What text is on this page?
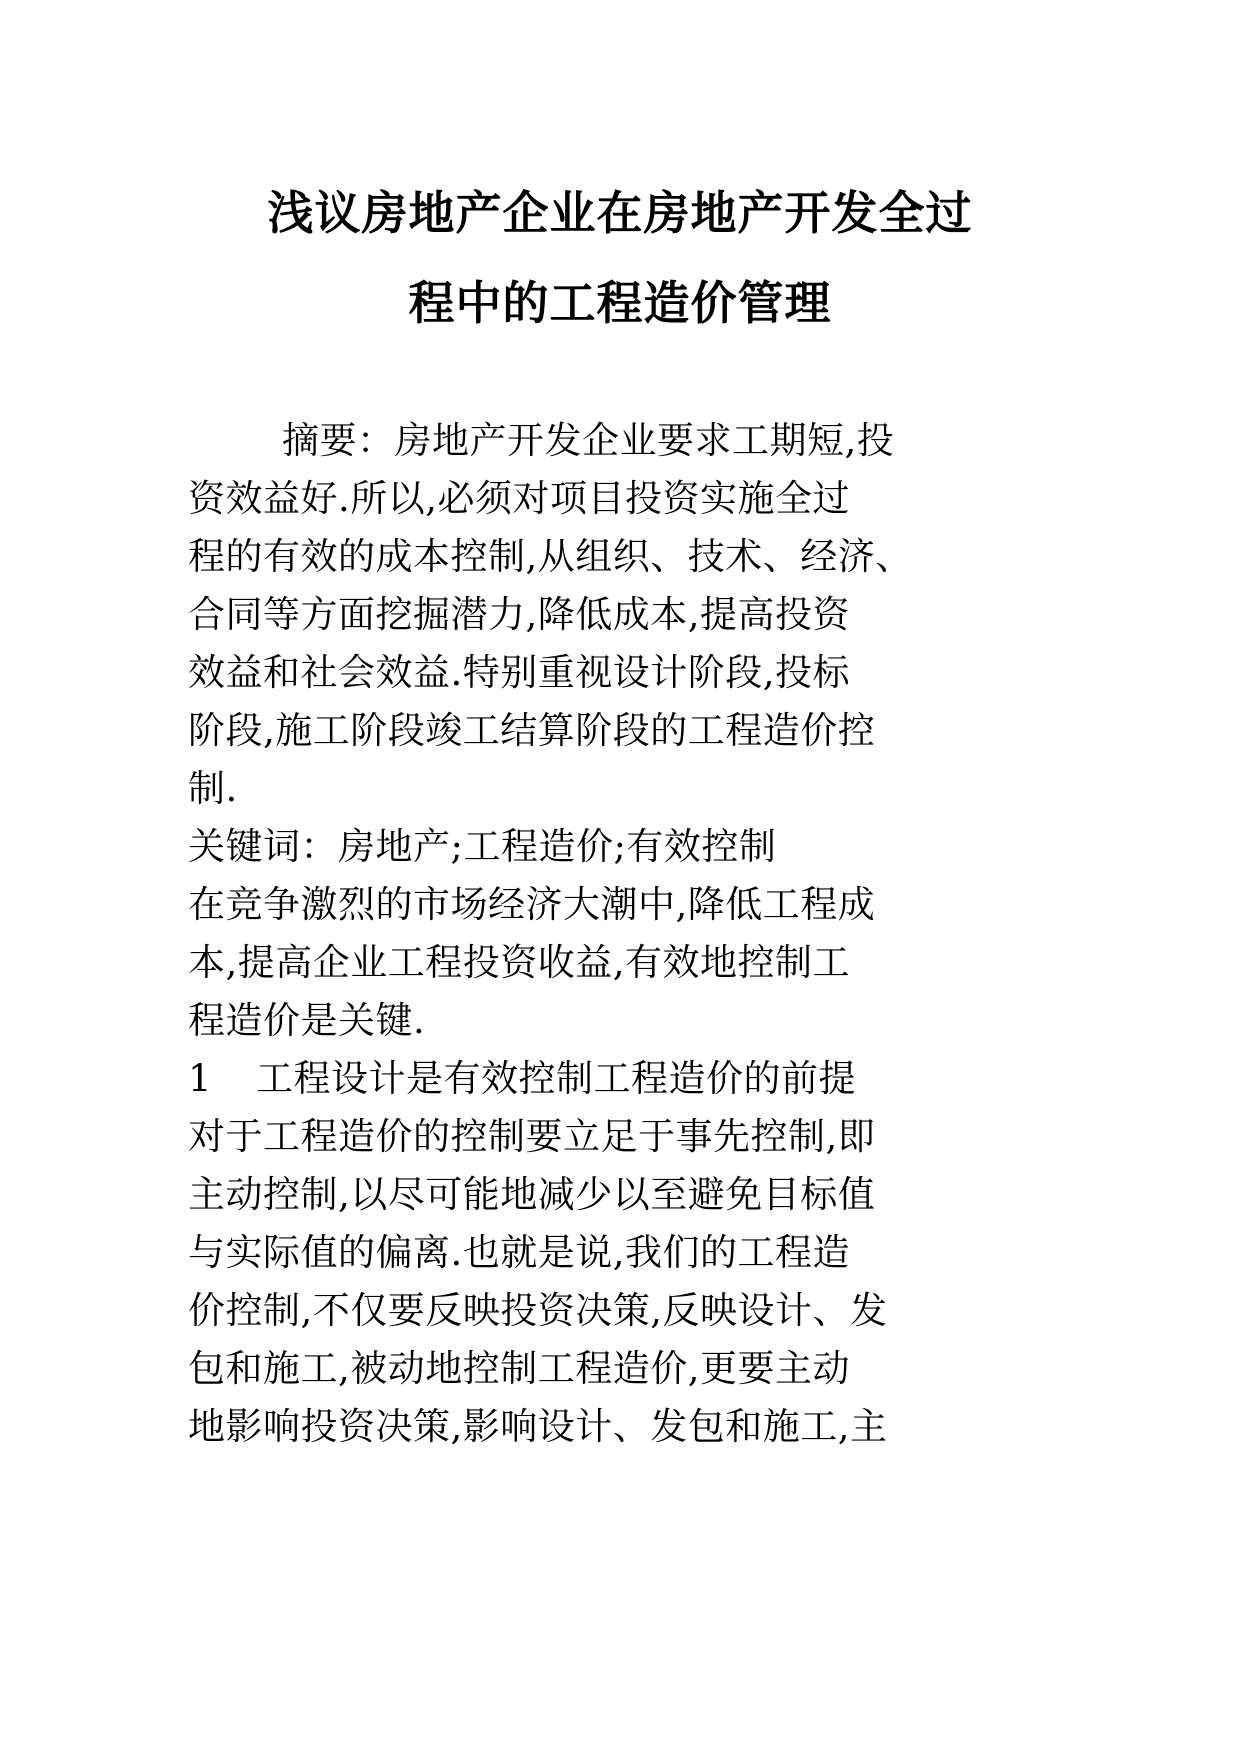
浅议房地产企业在房地产开发全过
程中的工程造价管理
摘要：房地产开发企业要求工期短,投
资效益好.所以,必须对项目投资实施全过
程的有效的成本控制,从组织、技术、经济、
合同等方面挖掘潜力,降低成本,提高投资
效益和社会效益.特别重视设计阶段,投标
阶段,施工阶段竣工结算阶段的工程造价控
制.
关键词：房地产;工程造价;有效控制
在竞争激烈的市场经济大潮中,降低工程成
本,提高企业工程投资收益,有效地控制工
程造价是关键.
1 工程设计是有效控制工程造价的前提
对于工程造价的控制要立足于事先控制,即
主动控制,以尽可能地减少以至避免目标值
与实际值的偏离.也就是说,我们的工程造
价控制,不仅要反映投资决策,反映设计、发
包和施工,被动地控制工程造价,更要主动
地影响投资决策,影响设计、发包和施工,主
